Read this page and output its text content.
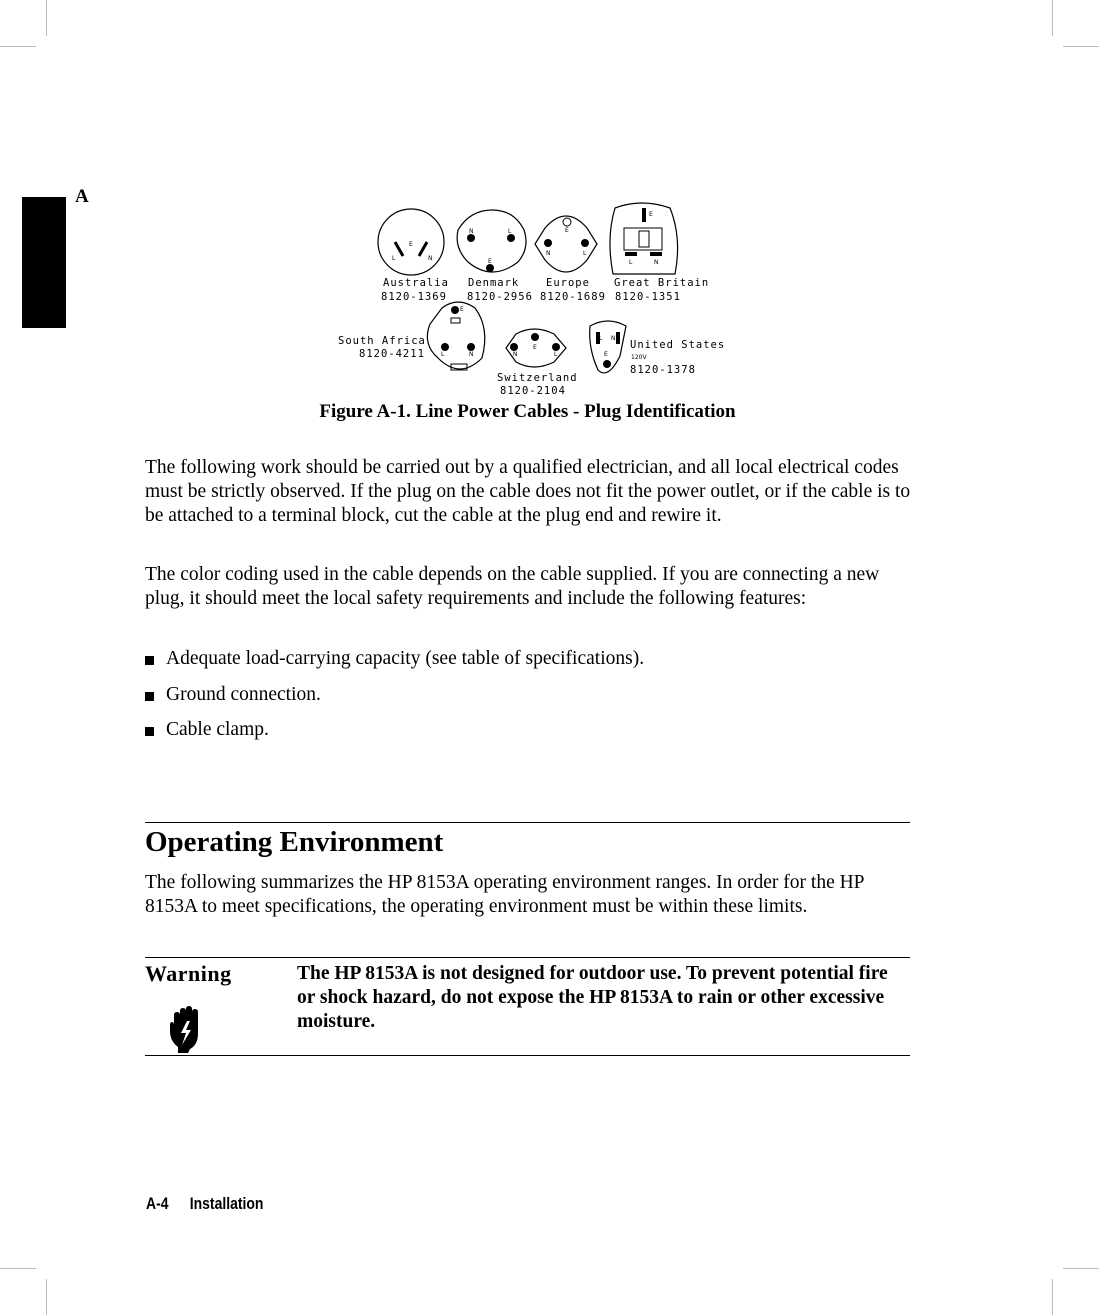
A
E
L	N
N	L
E
E
N	L
E
L	N
Australia
8120-1369
Denmark
8120-2956
Europe
8120-1689
Great Britain
8120-1351
E
L	N
South Africa
8120-4211	N
E
L
Switzerland
8120-2104
L N
E
United States
120V
8120-1378
Figure A-1. Line Power Cables - Plug Identification

The following work should be carried out by a qualified electrician, and all local electrical codes must be strictly observed. If the plug on the cable does not fit the power outlet, or if the cable is to be attached to a terminal block, cut the cable at the plug end and rewire it.

The color coding used in the cable depends on the cable supplied. If you are connecting a new plug, it should meet the local safety requirements and include the following features:

Adequate load-carrying capacity (see table of specifications).
Ground connection.
Cable clamp.
Operating Environment

The following summarizes the HP 8153A operating environment ranges. In order for the HP 8153A to meet specifications, the operating environment must be within these limits.

Warning	The HP 8153A is not designed for outdoor use. To prevent potential fire or shock hazard, do not expose the HP 8153A to rain or other excessive moisture.

A-4 Installation
